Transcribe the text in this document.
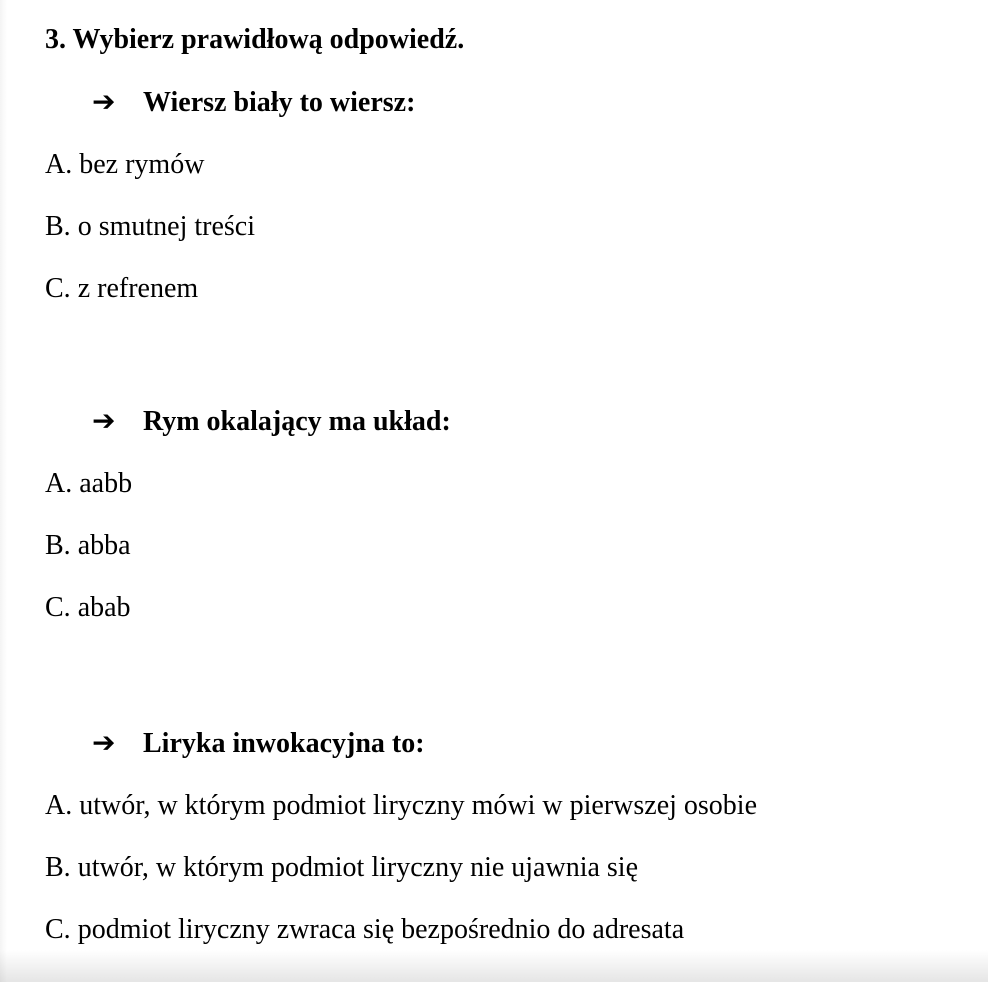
3. Wybierz prawidłową odpowiedź.

➔ Wiersz biały to wiersz:

A. bez rymów

B. o smutnej treści

C. z refrenem

➔ Rym okalający ma układ:

A. aabb

B. abba

C. abab

➔ Liryka inwokacyjna to:

A. utwór, w którym podmiot liryczny mówi w pierwszej osobie

B. utwór, w którym podmiot liryczny nie ujawnia się

C. podmiot liryczny zwraca się bezpośrednio do adresata
